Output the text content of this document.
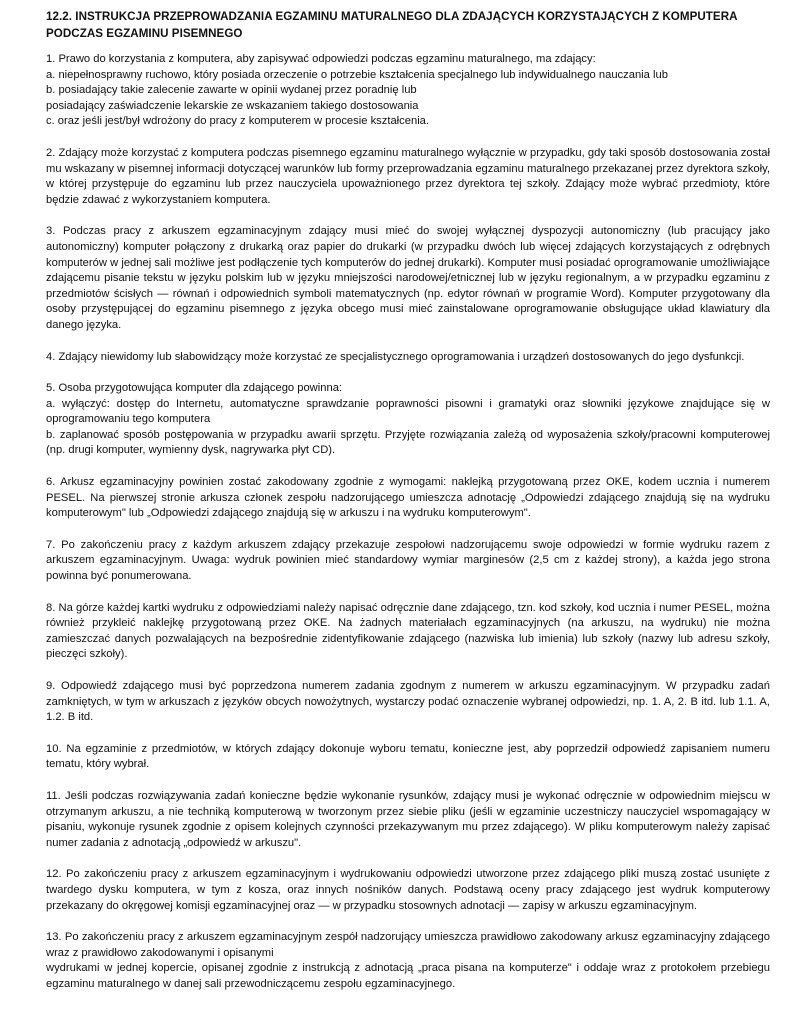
12.2. INSTRUKCJA PRZEPROWADZANIA EGZAMINU MATURALNEGO DLA ZDAJĄCYCH KORZYSTAJĄCYCH Z KOMPUTERA PODCZAS EGZAMINU PISEMNEGO
1. Prawo do korzystania z komputera, aby zapisywać odpowiedzi podczas egzaminu maturalnego, ma zdający:
a. niepełnosprawny ruchowo, który posiada orzeczenie o potrzebie kształcenia specjalnego lub indywidualnego nauczania lub
b. posiadający takie zalecenie zawarte w opinii wydanej przez poradnię lub
posiadający zaświadczenie lekarskie ze wskazaniem takiego dostosowania
c. oraz jeśli jest/był wdrożony do pracy z komputerem w procesie kształcenia.
2. Zdający może korzystać z komputera podczas pisemnego egzaminu maturalnego wyłącznie w przypadku, gdy taki sposób dostosowania został mu wskazany w pisemnej informacji dotyczącej warunków lub formy przeprowadzania egzaminu maturalnego przekazanej przez dyrektora szkoły, w której przystępuje do egzaminu lub przez nauczyciela upoważnionego przez dyrektora tej szkoły. Zdający może wybrać przedmioty, które będzie zdawać z wykorzystaniem komputera.
3. Podczas pracy z arkuszem egzaminacyjnym zdający musi mieć do swojej wyłącznej dyspozycji autonomiczny (lub pracujący jako autonomiczny) komputer połączony z drukarką oraz papier do drukarki (w przypadku dwóch lub więcej zdających korzystających z odrębnych komputerów w jednej sali możliwe jest podłączenie tych komputerów do jednej drukarki). Komputer musi posiadać oprogramowanie umożliwiające zdającemu pisanie tekstu w języku polskim lub w języku mniejszości narodowej/etnicznej lub w języku regionalnym, a w przypadku egzaminu z przedmiotów ścisłych — równań i odpowiednich symboli matematycznych (np. edytor równań w programie Word). Komputer przygotowany dla osoby przystępującej do egzaminu pisemnego z języka obcego musi mieć zainstalowane oprogramowanie obsługujące układ klawiatury dla danego języka.
4. Zdający niewidomy lub słabowidzący może korzystać ze specjalistycznego oprogramowania i urządzeń dostosowanych do jego dysfunkcji.
5. Osoba przygotowująca komputer dla zdającego powinna:
a. wyłączyć: dostęp do Internetu, automatyczne sprawdzanie poprawności pisowni i gramatyki oraz słowniki językowe znajdujące się w oprogramowaniu tego komputera
b. zaplanować sposób postępowania w przypadku awarii sprzętu. Przyjęte rozwiązania zależą od wyposażenia szkoły/pracowni komputerowej (np. drugi komputer, wymienny dysk, nagrywarka płyt CD).
6. Arkusz egzaminacyjny powinien zostać zakodowany zgodnie z wymogami: naklejką przygotowaną przez OKE, kodem ucznia i numerem PESEL. Na pierwszej stronie arkusza członek zespołu nadzorującego umieszcza adnotację „Odpowiedzi zdającego znajdują się na wydruku komputerowym" lub „Odpowiedzi zdającego znajdują się w arkuszu i na wydruku komputerowym".
7. Po zakończeniu pracy z każdym arkuszem zdający przekazuje zespołowi nadzorującemu swoje odpowiedzi w formie wydruku razem z arkuszem egzaminacyjnym. Uwaga: wydruk powinien mieć standardowy wymiar marginesów (2,5 cm z każdej strony), a każda jego strona powinna być ponumerowana.
8. Na górze każdej kartki wydruku z odpowiedziami należy napisać odręcznie dane zdającego, tzn. kod szkoły, kod ucznia i numer PESEL, można również przykleić naklejkę przygotowaną przez OKE. Na żadnych materiałach egzaminacyjnych (na arkuszu, na wydruku) nie można zamieszczać danych pozwalających na bezpośrednie zidentyfikowanie zdającego (nazwiska lub imienia) lub szkoły (nazwy lub adresu szkoły, pieczęci szkoły).
9. Odpowiedź zdającego musi być poprzedzona numerem zadania zgodnym z numerem w arkuszu egzaminacyjnym. W przypadku zadań zamkniętych, w tym w arkuszach z języków obcych nowożytnych, wystarczy podać oznaczenie wybranej odpowiedzi, np. 1. A, 2. B itd. lub 1.1. A, 1.2. B itd.
10. Na egzaminie z przedmiotów, w których zdający dokonuje wyboru tematu, konieczne jest, aby poprzedził odpowiedź zapisaniem numeru tematu, który wybrał.
11. Jeśli podczas rozwiązywania zadań konieczne będzie wykonanie rysunków, zdający musi je wykonać odręcznie w odpowiednim miejscu w otrzymanym arkuszu, a nie techniką komputerową w tworzonym przez siebie pliku (jeśli w egzaminie uczestniczy nauczyciel wspomagający w pisaniu, wykonuje rysunek zgodnie z opisem kolejnych czynności przekazywanym mu przez zdającego). W pliku komputerowym należy zapisać numer zadania z adnotacją „odpowiedź w arkuszu".
12. Po zakończeniu pracy z arkuszem egzaminacyjnym i wydrukowaniu odpowiedzi utworzone przez zdającego pliki muszą zostać usunięte z twardego dysku komputera, w tym z kosza, oraz innych nośników danych. Podstawą oceny pracy zdającego jest wydruk komputerowy przekazany do okręgowej komisji egzaminacyjnej oraz — w przypadku stosownych adnotacji — zapisy w arkuszu egzaminacyjnym.
13. Po zakończeniu pracy z arkuszem egzaminacyjnym zespół nadzorujący umieszcza prawidłowo zakodowany arkusz egzaminacyjny zdającego wraz z prawidłowo zakodowanymi i opisanymi
wydrukami w jednej kopercie, opisanej zgodnie z instrukcją z adnotacją „praca pisana na komputerze" i oddaje wraz z protokołem przebiegu egzaminu maturalnego w danej sali przewodniczącemu zespołu egzaminacyjnego.
